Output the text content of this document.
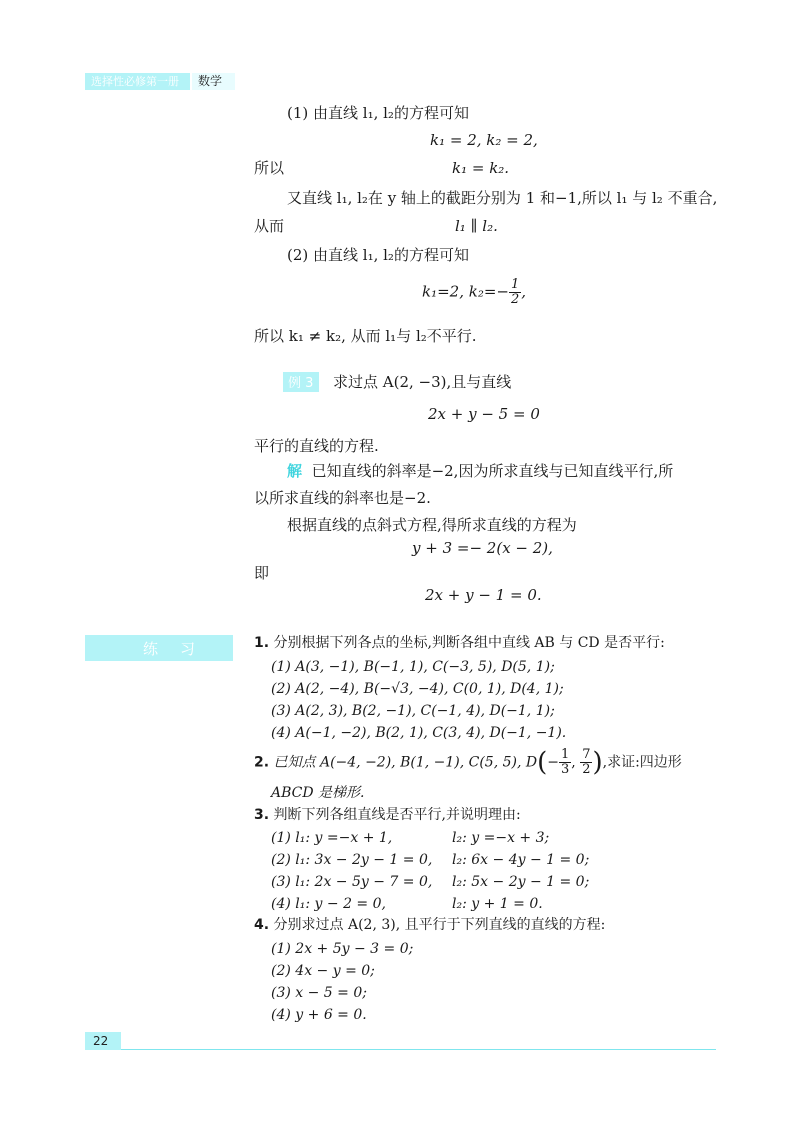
选择性必修第一册 数学
(1) 由直线 l₁, l₂的方程可知
k₁ = 2, k₂ = 2,
所以	k₁ = k₂.
又直线 l₁, l₂在 y 轴上的截距分别为 1 和−1,所以 l₁ 与 l₂ 不重合,
从而	l₁ ∥ l₂.
(2) 由直线 l₁, l₂的方程可知
k₁=2, $k_2=- \frac{1}{2}$ ,
所以 k₁ ≠ k₂, 从而 l₁与 l₂不平行.
例 3	求过点 A(2, −3),且与直线
2x + y − 5 = 0
平行的直线的方程.
解 已知直线的斜率是−2,因为所求直线与已知直线平行,所
以所求直线的斜率也是−2.
根据直线的点斜式方程,得所求直线的方程为
y + 3 =− 2(x − 2),
即
2x + y − 1 = 0.
练习	1. 分别根据下列各点的坐标,判断各组中直线 AB 与 CD 是否平行:
(1) A(3, −1), B(−1, 1), C(−3, 5), D(5, 1);
(2) A(2, −4), B(−√3, −4), C(0, 1), D(4, 1);
(3) A(2, 3), B(2, −1), C(−1, 4), D(−1, 1);
(4) A(−1, −2), B(2, 1), C(3, 4), D(−1, −1).
2. 已知点 A(−4, −2), B(1, −1), C(5, 5), $D(- \frac{1}{3}$ , $\frac{7}{2}$ ),求证:四边形
ABCD 是梯形.
3. 判断下列各组直线是否平行,并说明理由:
(1) l₁: y =−x + 1,	l₂: y =−x + 3;
(2) l₁: 3x − 2y − 1 = 0, l₂: 6x − 4y − 1 = 0;
(3) l₁: 2x − 5y − 7 = 0, l₂: 5x − 2y − 1 = 0;
(4) l₁: y − 2 = 0,	l₂: y + 1 = 0.
4. 分别求过点 A(2, 3), 且平行于下列直线的直线的方程:
(1) 2x + 5y − 3 = 0;
(2) 4x − y = 0;
(3) x − 5 = 0;
(4) y + 6 = 0.
22
